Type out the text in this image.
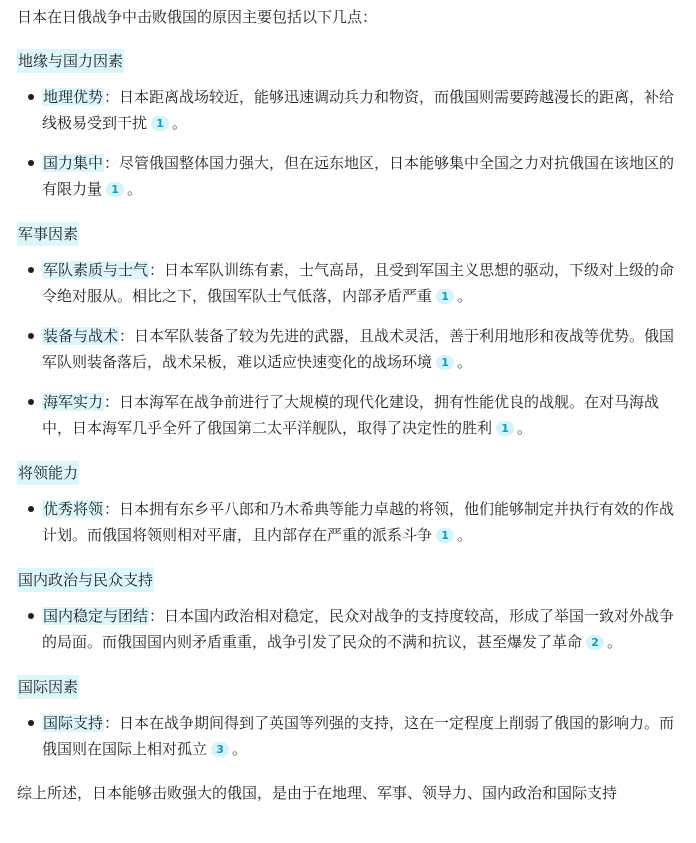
日本在日俄战争中击败俄国的原因主要包括以下几点：

地缘与国力因素
地理优势：日本距离战场较近，能够迅速调动兵力和物资，而俄国则需要跨越漫长的距离，补给线极易受到干扰 1 。
国力集中：尽管俄国整体国力强大，但在远东地区，日本能够集中全国之力对抗俄国在该地区的有限力量 1 。
军事因素
军队素质与士气：日本军队训练有素，士气高昂，且受到军国主义思想的驱动，下级对上级的命令绝对服从。相比之下，俄国军队士气低落，内部矛盾严重 1 。
装备与战术：日本军队装备了较为先进的武器，且战术灵活，善于利用地形和夜战等优势。俄国军队则装备落后，战术呆板，难以适应快速变化的战场环境 1 。
海军实力：日本海军在战争前进行了大规模的现代化建设，拥有性能优良的战舰。在对马海战中，日本海军几乎全歼了俄国第二太平洋舰队，取得了决定性的胜利 1 。
将领能力
优秀将领：日本拥有东乡平八郎和乃木希典等能力卓越的将领，他们能够制定并执行有效的作战计划。而俄国将领则相对平庸，且内部存在严重的派系斗争 1 。
国内政治与民众支持
国内稳定与团结：日本国内政治相对稳定，民众对战争的支持度较高，形成了举国一致对外战争的局面。而俄国国内则矛盾重重，战争引发了民众的不满和抗议，甚至爆发了革命 2 。
国际因素
国际支持：日本在战争期间得到了英国等列强的支持，这在一定程度上削弱了俄国的影响力。而俄国则在国际上相对孤立 3 。

综上所述，日本能够击败强大的俄国，是由于在地理、军事、领导力、国内政治和国际支持
